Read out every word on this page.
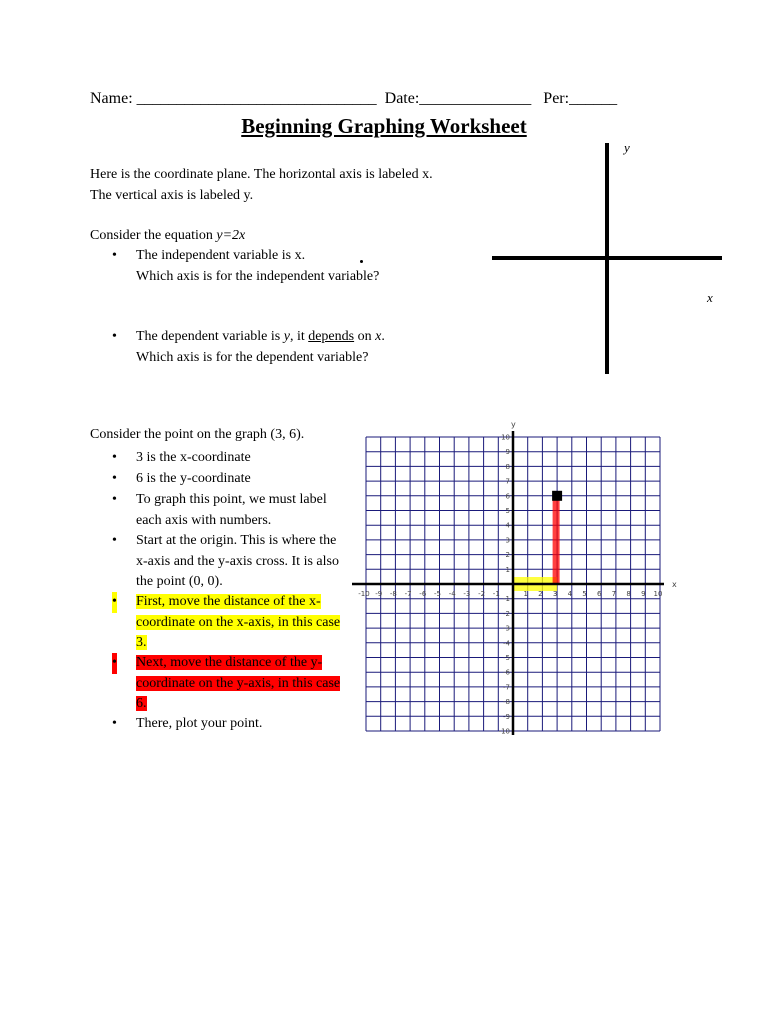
Name: ______________________________  Date:______________   Per:______
Beginning Graphing Worksheet
Here is the coordinate plane. The horizontal axis is labeled x.
The vertical axis is labeled y.
Consider the equation y=2x
• The independent variable is x.
Which axis is for the independent variable?
• The dependent variable is y, it depends on x.
Which axis is for the dependent variable?
y
x
Consider the point on the graph (3, 6).
• 3 is the x-coordinate
• 6 is the y-coordinate
• To graph this point, we must label each axis with numbers.
• Start at the origin. This is where the x-axis and the y-axis cross. It is also the point (0, 0).
• First, move the distance of the x-coordinate on the x-axis, in this case 3.
• Next, move the distance of the y-coordinate on the y-axis, in this case 6.
• There, plot your point.
-10 -9 -8 -7 -6 -5 -4 -3 -2 -1	1 2 3 4 5 6 7 8 9 10
-10
-9
-8
-7
-6
-5
-4
-3
-2
-1
1
2
3
4
5
6
7
8
9
10
x
y
